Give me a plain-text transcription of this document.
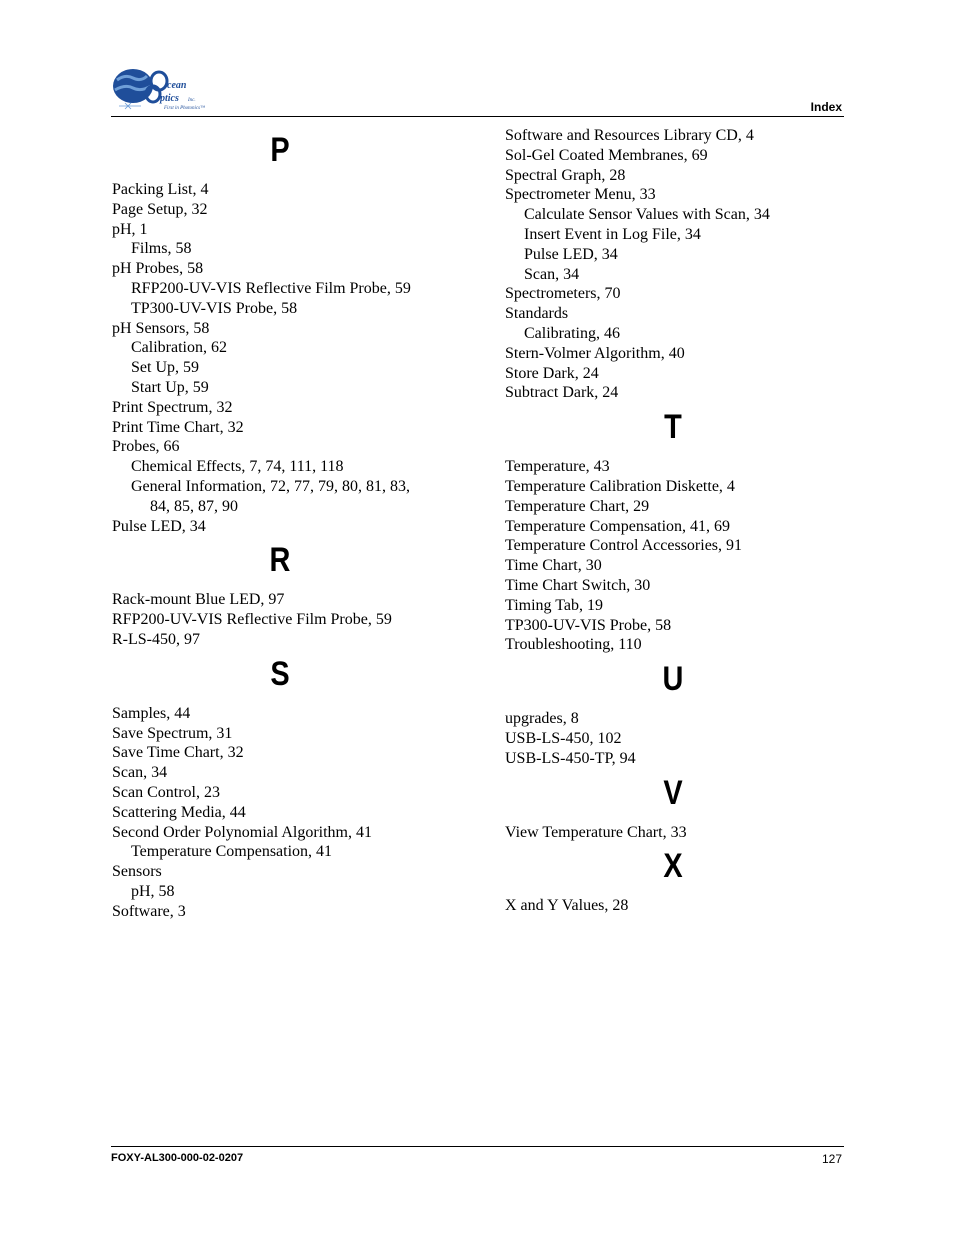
cean
ptics Inc.
First in Photonics™	Index
P
Packing List, 4
Page Setup, 32
pH, 1
Films, 58
pH Probes, 58
RFP200-UV-VIS Reflective Film Probe, 59
TP300-UV-VIS Probe, 58
pH Sensors, 58
Calibration, 62
Set Up, 59
Start Up, 59
Print Spectrum, 32
Print Time Chart, 32
Probes, 66
Chemical Effects, 7, 74, 111, 118
General Information, 72, 77, 79, 80, 81, 83,
84, 85, 87, 90
Pulse LED, 34
R
Rack-mount Blue LED, 97
RFP200-UV-VIS Reflective Film Probe, 59
R-LS-450, 97
S
Samples, 44
Save Spectrum, 31
Save Time Chart, 32
Scan, 34
Scan Control, 23
Scattering Media, 44
Second Order Polynomial Algorithm, 41
Temperature Compensation, 41
Sensors
pH, 58
Software, 3
Software and Resources Library CD, 4
Sol-Gel Coated Membranes, 69
Spectral Graph, 28
Spectrometer Menu, 33
Calculate Sensor Values with Scan, 34
Insert Event in Log File, 34
Pulse LED, 34
Scan, 34
Spectrometers, 70
Standards
Calibrating, 46
Stern-Volmer Algorithm, 40
Store Dark, 24
Subtract Dark, 24
T
Temperature, 43
Temperature Calibration Diskette, 4
Temperature Chart, 29
Temperature Compensation, 41, 69
Temperature Control Accessories, 91
Time Chart, 30
Time Chart Switch, 30
Timing Tab, 19
TP300-UV-VIS Probe, 58
Troubleshooting, 110
U
upgrades, 8
USB-LS-450, 102
USB-LS-450-TP, 94
V
View Temperature Chart, 33
X
X and Y Values, 28
FOXY-AL300-000-02-0207	127
